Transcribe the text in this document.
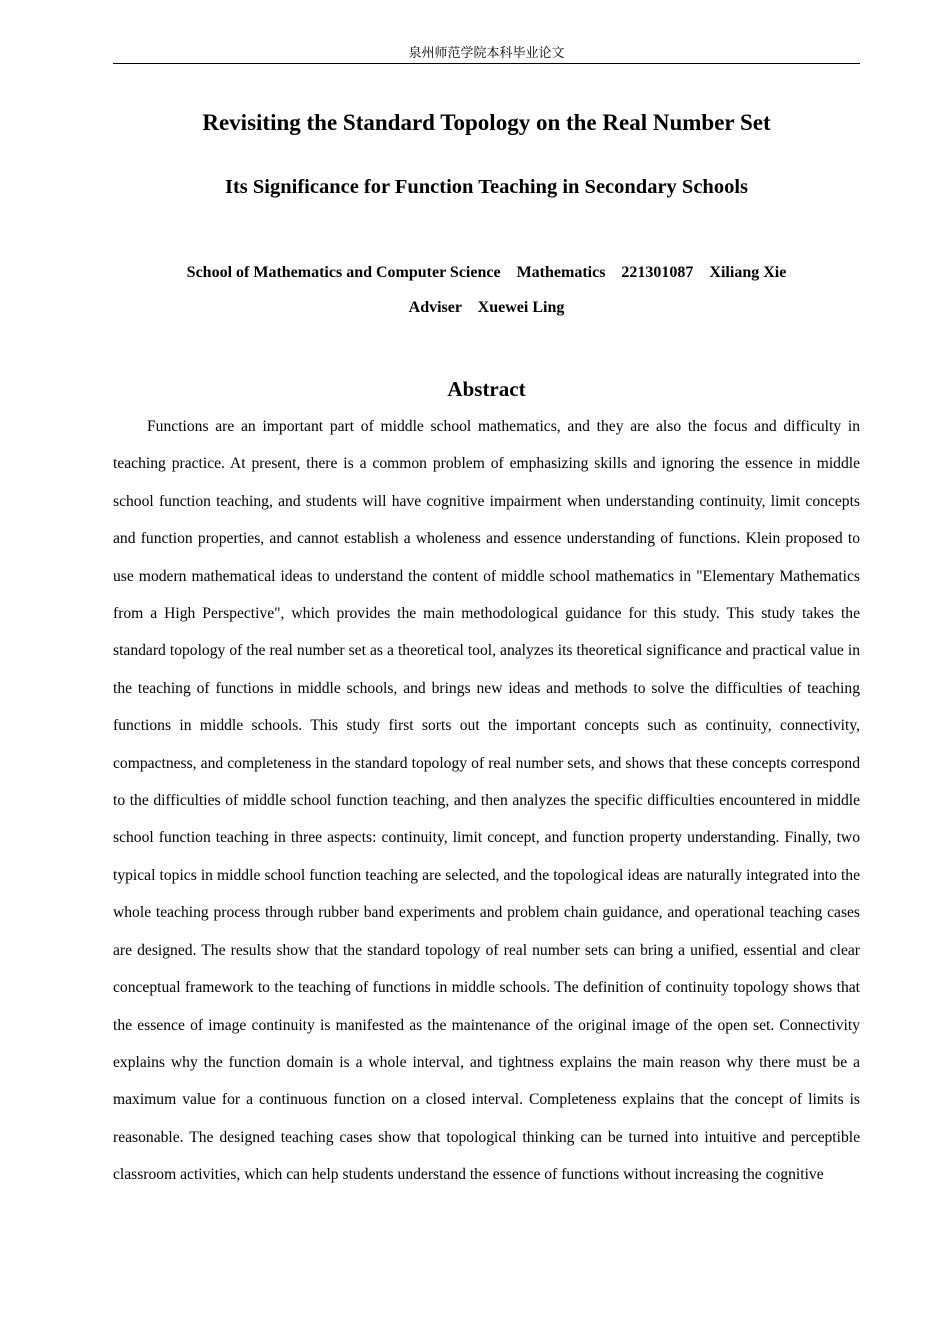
泉州师范学院本科毕业论文
Revisiting the Standard Topology on the Real Number Set
Its Significance for Function Teaching in Secondary Schools
School of Mathematics and Computer Science    Mathematics    221301087    Xiliang Xie
Adviser    Xuewei Ling
Abstract

Functions are an important part of middle school mathematics, and they are also the focus and difficulty in teaching practice. At present, there is a common problem of emphasizing skills and ignoring the essence in middle school function teaching, and students will have cognitive impairment when understanding continuity, limit concepts and function properties, and cannot establish a wholeness and essence understanding of functions. Klein proposed to use modern mathematical ideas to understand the content of middle school mathematics in "Elementary Mathematics from a High Perspective", which provides the main methodological guidance for this study. This study takes the standard topology of the real number set as a theoretical tool, analyzes its theoretical significance and practical value in the teaching of functions in middle schools, and brings new ideas and methods to solve the difficulties of teaching functions in middle schools. This study first sorts out the important concepts such as continuity, connectivity, compactness, and completeness in the standard topology of real number sets, and shows that these concepts correspond to the difficulties of middle school function teaching, and then analyzes the specific difficulties encountered in middle school function teaching in three aspects: continuity, limit concept, and function property understanding. Finally, two typical topics in middle school function teaching are selected, and the topological ideas are naturally integrated into the whole teaching process through rubber band experiments and problem chain guidance, and operational teaching cases are designed. The results show that the standard topology of real number sets can bring a unified, essential and clear conceptual framework to the teaching of functions in middle schools. The definition of continuity topology shows that the essence of image continuity is manifested as the maintenance of the original image of the open set. Connectivity explains why the function domain is a whole interval, and tightness explains the main reason why there must be a maximum value for a continuous function on a closed interval. Completeness explains that the concept of limits is reasonable. The designed teaching cases show that topological thinking can be turned into intuitive and perceptible classroom activities, which can help students understand the essence of functions without increasing the cognitive
